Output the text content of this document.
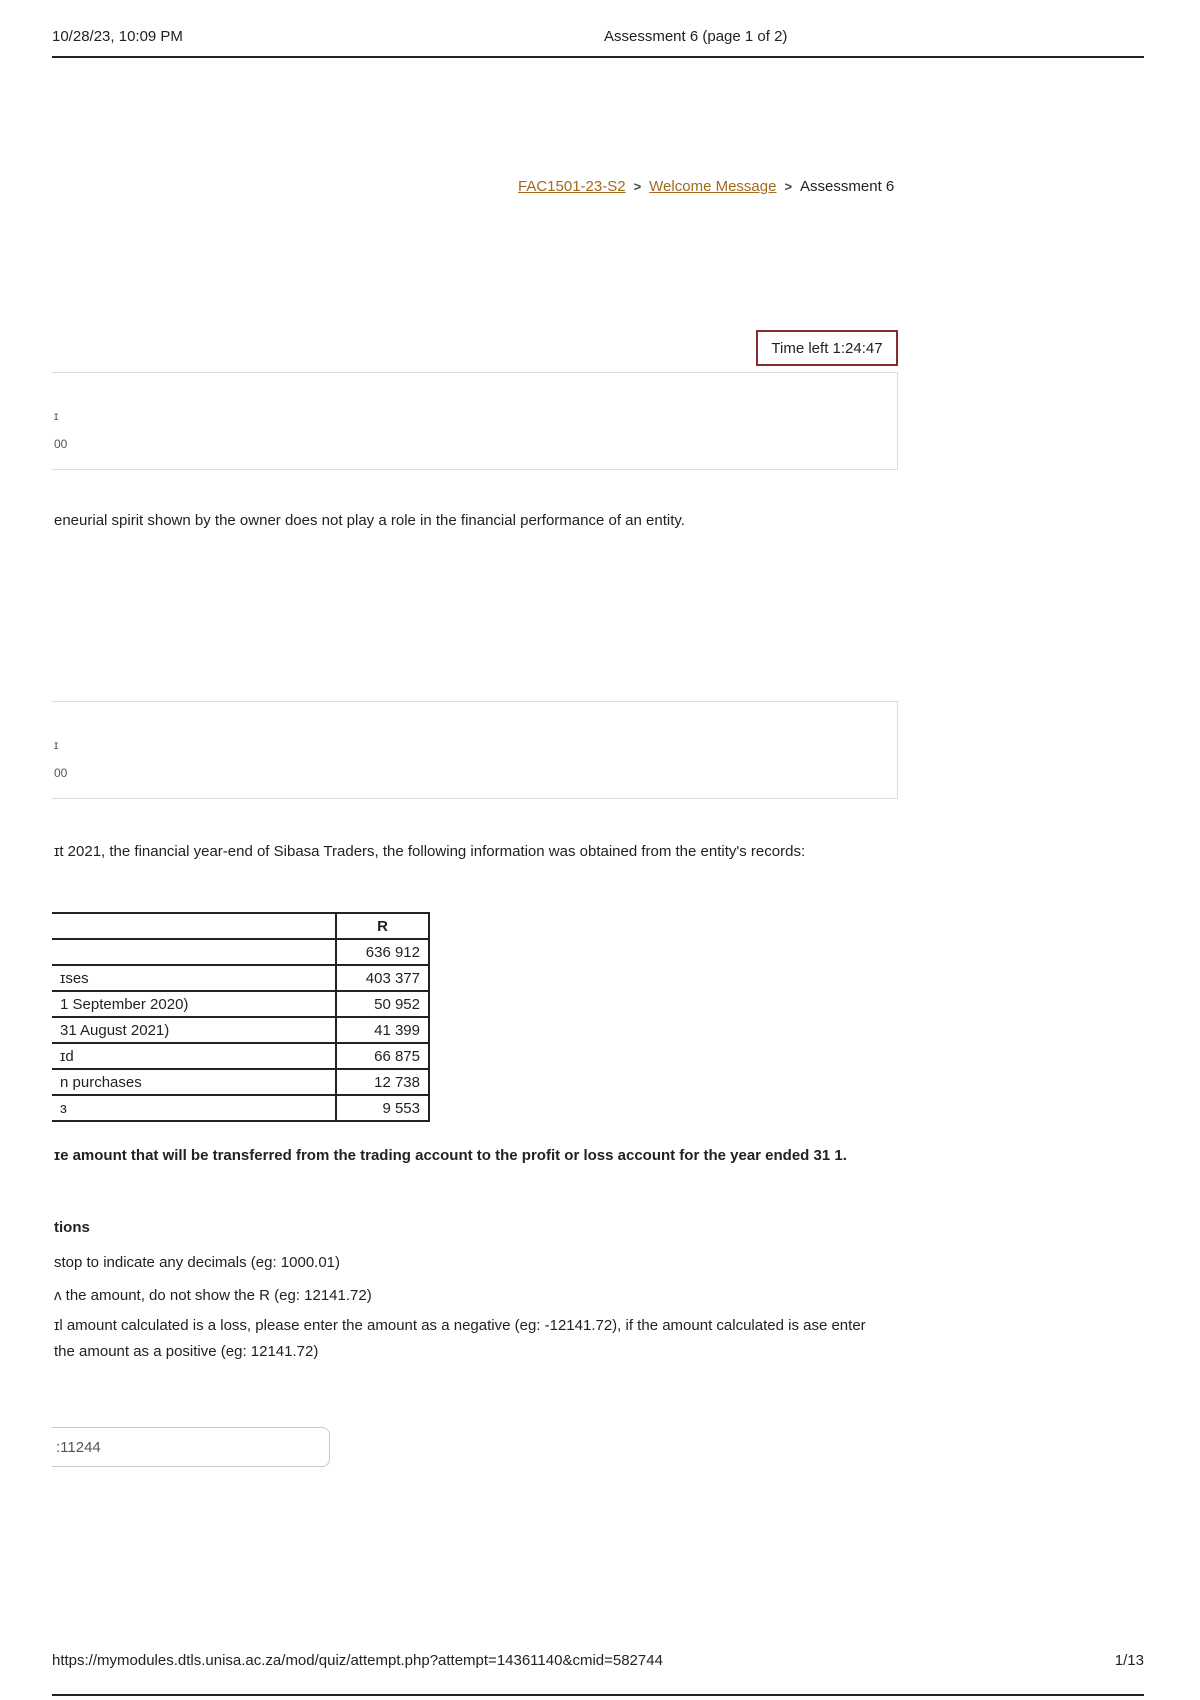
10/28/23, 10:09 PM	Assessment 6 (page 1 of 2)
FAC1501-23-S2 > Welcome Message > Assessment 6
Time left 1:24:47
ɪ
00
eneurial spirit shown by the owner does not play a role in the financial performance of an entity.
ɪ
00
ɪt 2021, the financial year-end of Sibasa Traders, the following information was obtained from the entity's records:
	R
	636 912
ɪses	403 377
1 September 2020)	50 952
31 August 2021)	41 399
ɪd	66 875
n purchases	12 738
ɜ	9 553
ɪe amount that will be transferred from the trading account to the profit or loss account for the year ended 31 1.
tions
stop to indicate any decimals (eg: 1000.01)
ʌ the amount, do not show the R (eg: 12141.72)
ɪl amount calculated is a loss, please enter the amount as a negative (eg: -12141.72), if the amount calculated is ase enter the amount as a positive (eg: 12141.72)
:11244
https://mymodules.dtls.unisa.ac.za/mod/quiz/attempt.php?attempt=14361140&cmid=582744	1/13
